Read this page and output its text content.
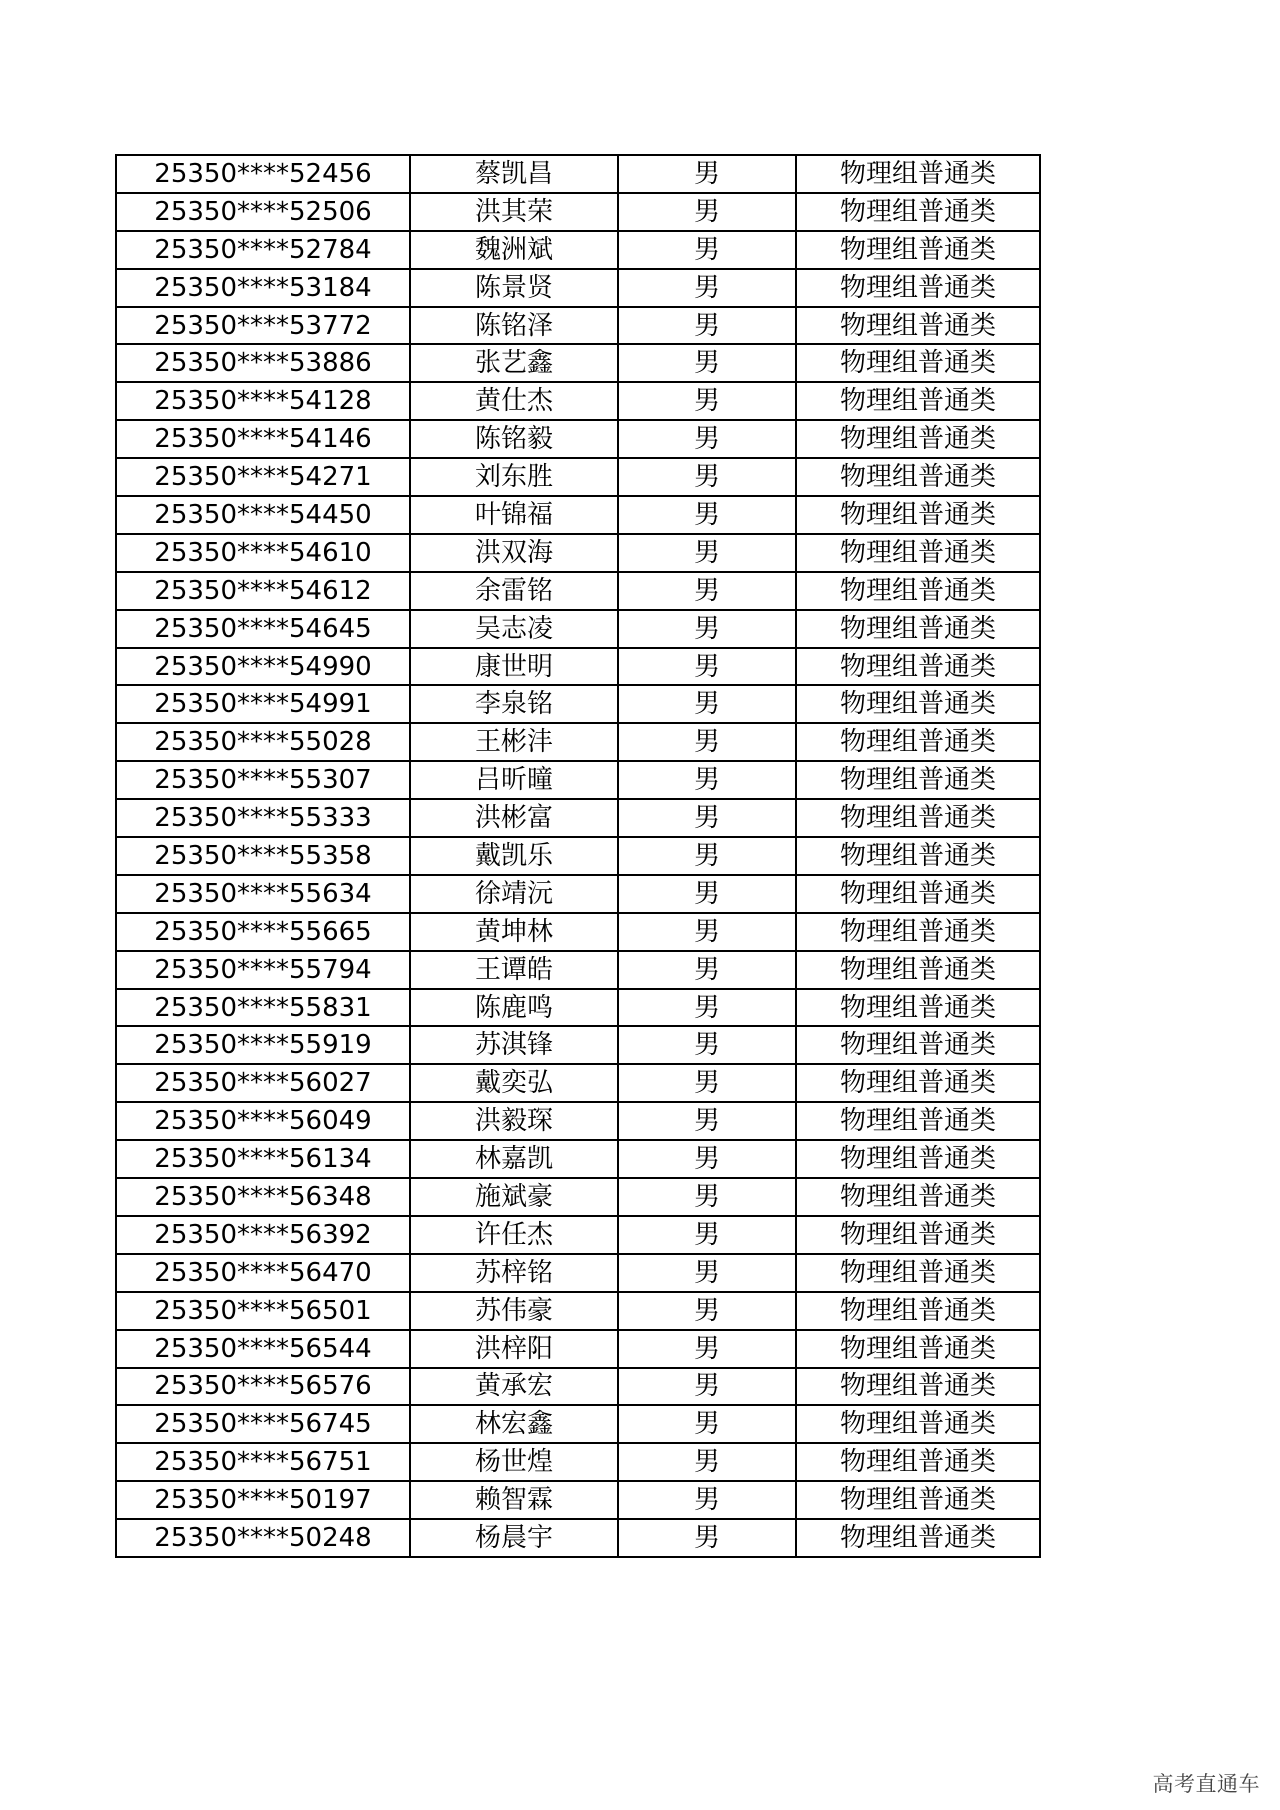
25350****52456	蔡凯昌	男	物理组普通类
25350****52506	洪其荣	男	物理组普通类
25350****52784	魏洲斌	男	物理组普通类
25350****53184	陈景贤	男	物理组普通类
25350****53772	陈铭泽	男	物理组普通类
25350****53886	张艺鑫	男	物理组普通类
25350****54128	黄仕杰	男	物理组普通类
25350****54146	陈铭毅	男	物理组普通类
25350****54271	刘东胜	男	物理组普通类
25350****54450	叶锦福	男	物理组普通类
25350****54610	洪双海	男	物理组普通类
25350****54612	余雷铭	男	物理组普通类
25350****54645	吴志凌	男	物理组普通类
25350****54990	康世明	男	物理组普通类
25350****54991	李泉铭	男	物理组普通类
25350****55028	王彬沣	男	物理组普通类
25350****55307	吕昕曈	男	物理组普通类
25350****55333	洪彬富	男	物理组普通类
25350****55358	戴凯乐	男	物理组普通类
25350****55634	徐靖沅	男	物理组普通类
25350****55665	黄坤林	男	物理组普通类
25350****55794	王谭皓	男	物理组普通类
25350****55831	陈鹿鸣	男	物理组普通类
25350****55919	苏淇锋	男	物理组普通类
25350****56027	戴奕弘	男	物理组普通类
25350****56049	洪毅琛	男	物理组普通类
25350****56134	林嘉凯	男	物理组普通类
25350****56348	施斌豪	男	物理组普通类
25350****56392	许任杰	男	物理组普通类
25350****56470	苏梓铭	男	物理组普通类
25350****56501	苏伟豪	男	物理组普通类
25350****56544	洪梓阳	男	物理组普通类
25350****56576	黄承宏	男	物理组普通类
25350****56745	林宏鑫	男	物理组普通类
25350****56751	杨世煌	男	物理组普通类
25350****50197	赖智霖	男	物理组普通类
25350****50248	杨晨宇	男	物理组普通类
高考直通车
